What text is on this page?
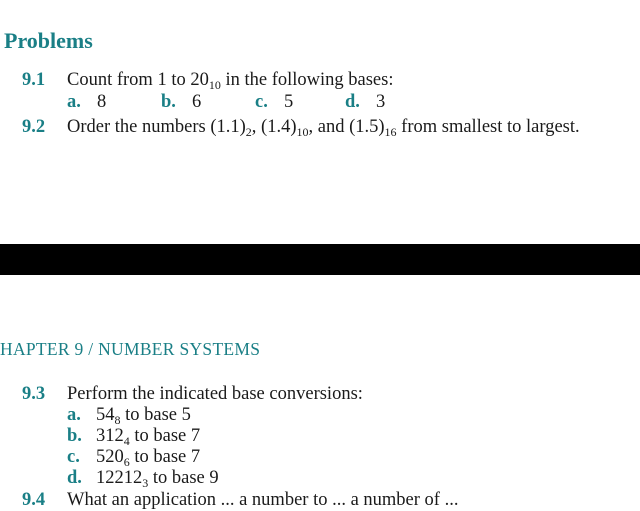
Problems
9.1 Count from 1 to $20_{10}$ in the following bases:
a. 8	b. 6	c. 5	d. 3
9.2 Order the numbers $(1.1)_2$, $(1.4)_{10}$, and $(1.5)_{16}$ from smallest to largest.
HAPTER 9 / NUMBER SYSTEMS
9.3 Perform the indicated base conversions:
a. $54_8$ to base 5
b. $312_4$ to base 7
c. $520_6$ to base 7
d. $12212_3$ to base 9
9.4 What an application ... a number to ... a number of ...
